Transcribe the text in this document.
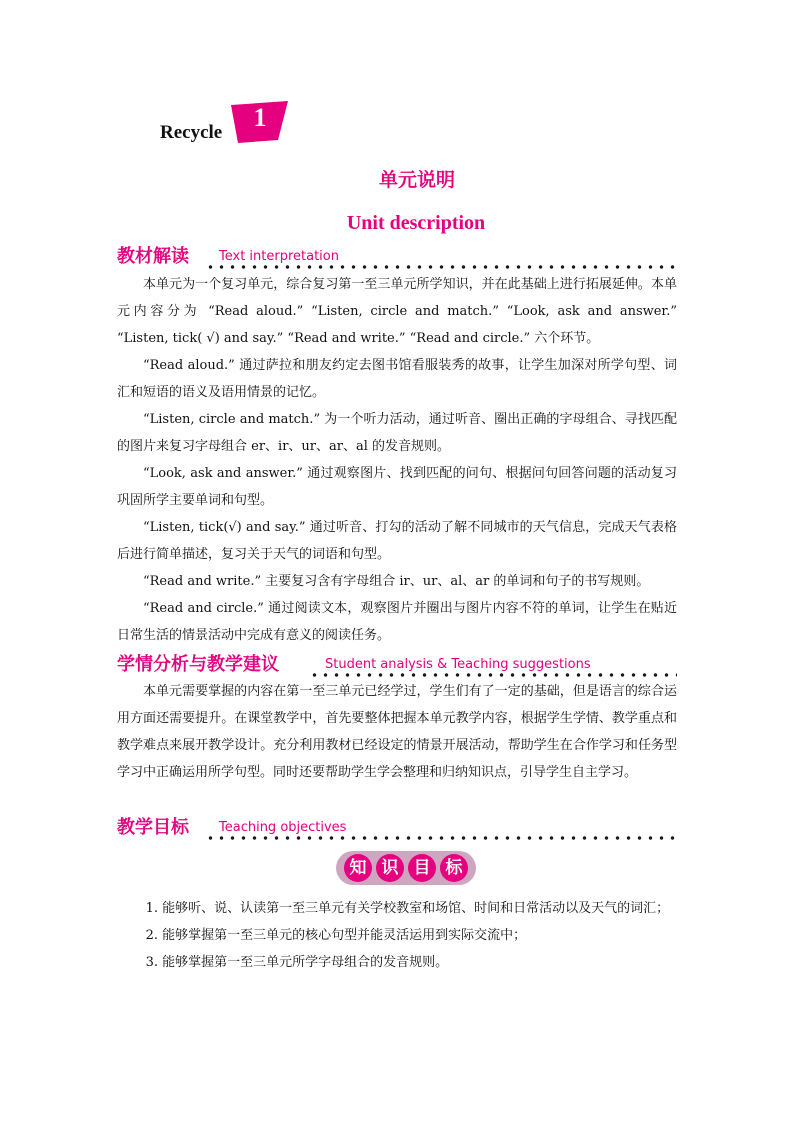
Recycle
1
单元说明
Unit description
教材解读 Text interpretation

本单元为一个复习单元，综合复习第一至三单元所学知识，并在此基础上进行拓展延伸。本单元内容分为 “Read aloud.” “Listen, circle and match.” “Look, ask and answer.” “Listen, tick( √) and say.” “Read and write.” “Read and circle.” 六个环节。

“Read aloud.” 通过萨拉和朋友约定去图书馆看服装秀的故事，让学生加深对所学句型、词汇和短语的语义及语用情景的记忆。

“Listen, circle and match.” 为一个听力活动，通过听音、圈出正确的字母组合、寻找匹配的图片来复习字母组合 er、ir、ur、ar、al 的发音规则。

“Look, ask and answer.” 通过观察图片、找到匹配的问句、根据问句回答问题的活动复习巩固所学主要单词和句型。

“Listen, tick(√) and say.” 通过听音、打勾的活动了解不同城市的天气信息，完成天气表格后进行简单描述，复习关于天气的词语和句型。

“Read and write.” 主要复习含有字母组合 ir、ur、al、ar 的单词和句子的书写规则。

“Read and circle.” 通过阅读文本，观察图片并圈出与图片内容不符的单词，让学生在贴近日常生活的情景活动中完成有意义的阅读任务。

学情分析与教学建议	Student analysis & Teaching suggestions

本单元需要掌握的内容在第一至三单元已经学过，学生们有了一定的基础，但是语言的综合运用方面还需要提升。在课堂教学中，首先要整体把握本单元教学内容，根据学生学情、教学重点和教学难点来展开教学设计。充分利用教材已经设定的情景开展活动，帮助学生在合作学习和任务型学习中正确运用所学句型。同时还要帮助学生学会整理和归纳知识点，引导学生自主学习。

教学目标 Teaching objectives
知 识 目 标

1. 能够听、说、认读第一至三单元有关学校教室和场馆、时间和日常活动以及天气的词汇；

2. 能够掌握第一至三单元的核心句型并能灵活运用到实际交流中；

3. 能够掌握第一至三单元所学字母组合的发音规则。
